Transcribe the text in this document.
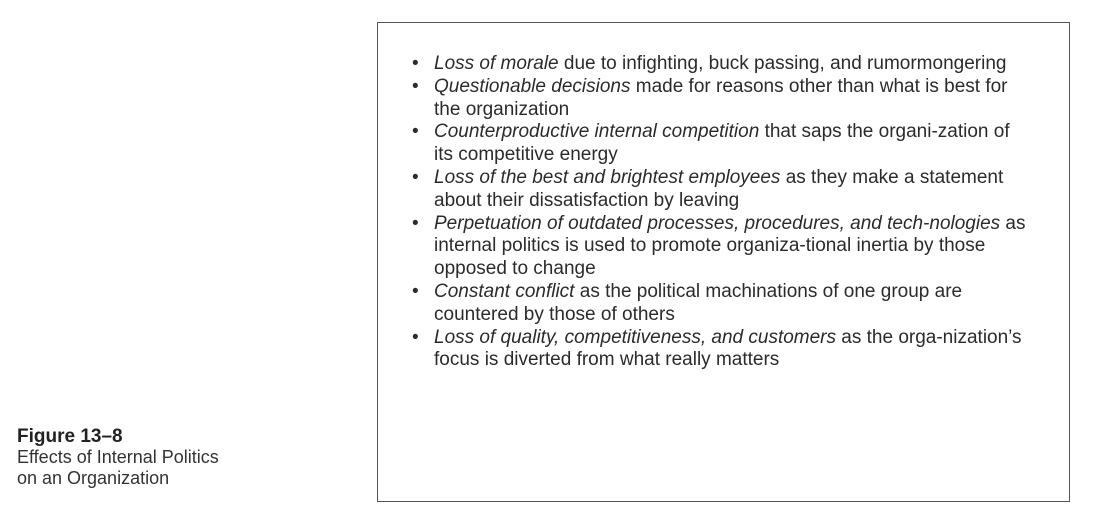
Figure 13–8
Effects of Internal Politics
on an Organization
• Loss of morale due to infighting, buck passing, and rumormongering
• Questionable decisions made for reasons other than what is best for the organization
• Counterproductive internal competition that saps the organi-zation of its competitive energy
• Loss of the best and brightest employees as they make a statement about their dissatisfaction by leaving
• Perpetuation of outdated processes, procedures, and tech-nologies as internal politics is used to promote organiza-tional inertia by those opposed to change
• Constant conflict as the political machinations of one group are countered by those of others
• Loss of quality, competitiveness, and customers as the orga-nization’s focus is diverted from what really matters
